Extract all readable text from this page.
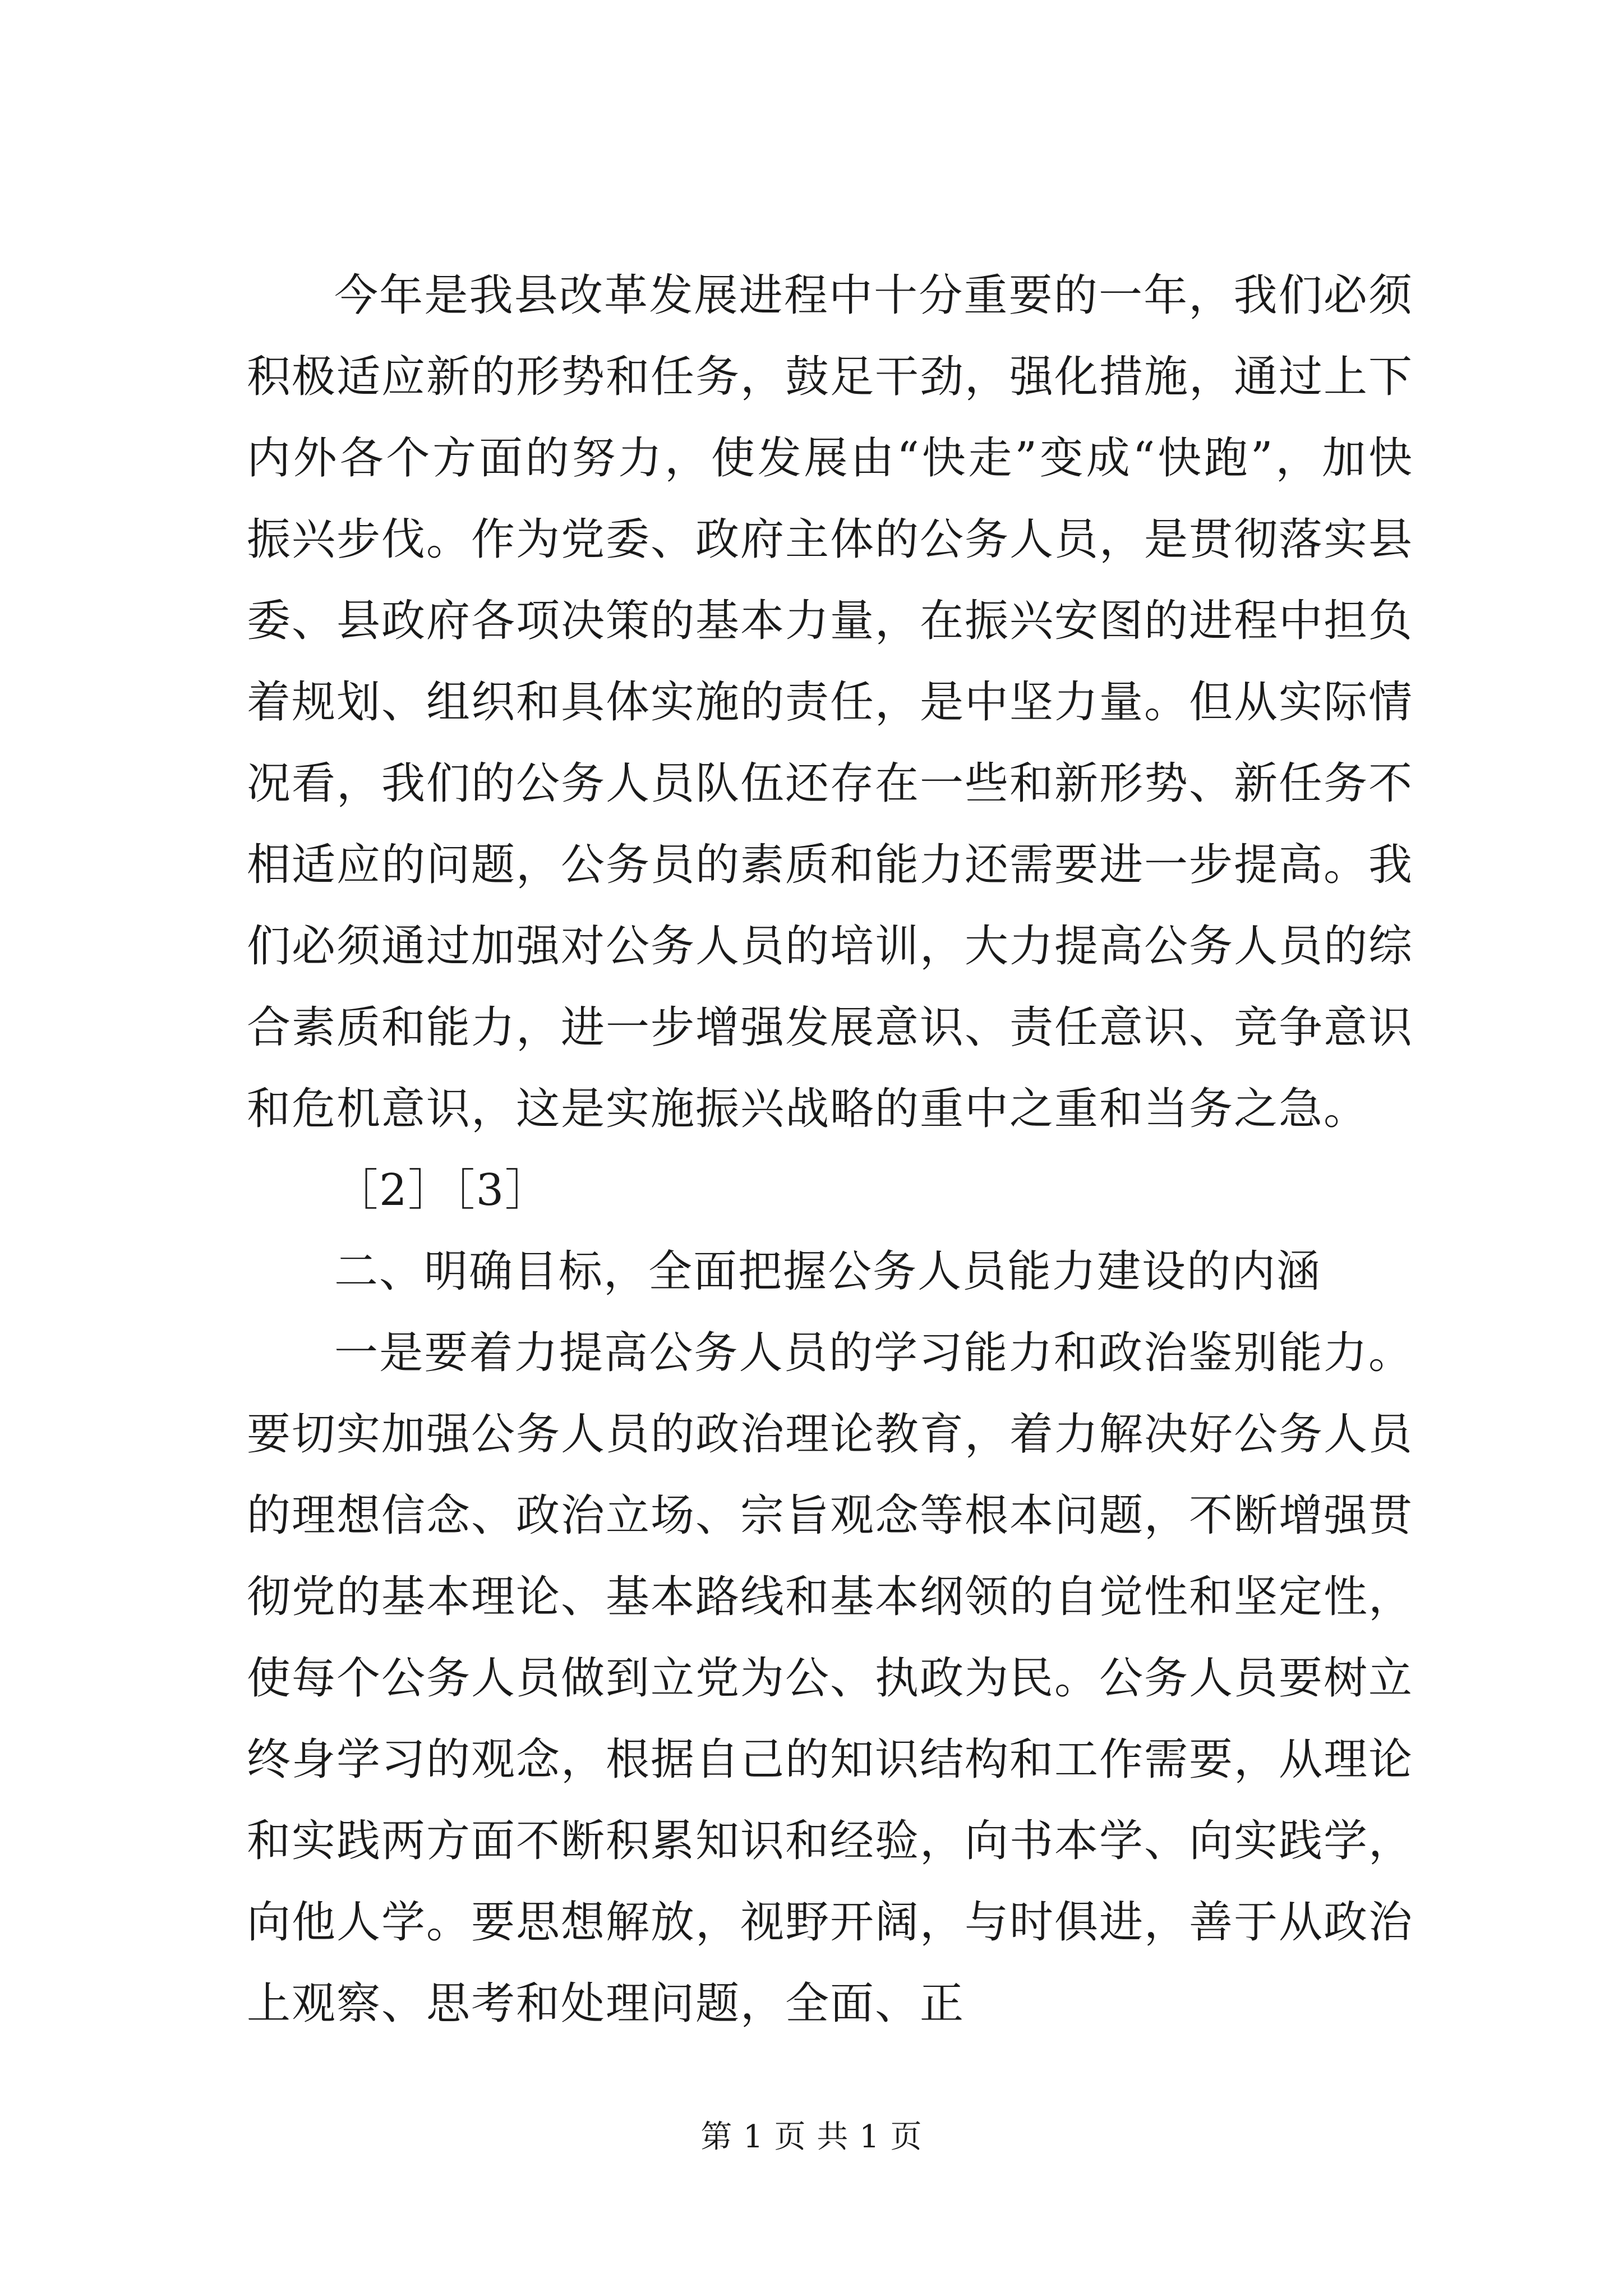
今年是我县改革发展进程中十分重要的一年，我们必须积极适应新的形势和任务，鼓足干劲，强化措施，通过上下内外各个方面的努力，使发展由“快走”变成“快跑”，加快振兴步伐。作为党委、政府主体的公务人员，是贯彻落实县委、县政府各项决策的基本力量，在振兴安图的进程中担负着规划、组织和具体实施的责任，是中坚力量。但从实际情况看，我们的公务人员队伍还存在一些和新形势、新任务不相适应的问题，公务员的素质和能力还需要进一步提高。我们必须通过加强对公务人员的培训，大力提高公务人员的综合素质和能力，进一步增强发展意识、责任意识、竞争意识和危机意识，这是实施振兴战略的重中之重和当务之急。

［2］［3］

二、明确目标，全面把握公务人员能力建设的内涵

一是要着力提高公务人员的学习能力和政治鉴别能力。要切实加强公务人员的政治理论教育，着力解决好公务人员的理想信念、政治立场、宗旨观念等根本问题，不断增强贯彻党的基本理论、基本路线和基本纲领的自觉性和坚定性，使每个公务人员做到立党为公、执政为民。公务人员要树立终身学习的观念，根据自己的知识结构和工作需要，从理论和实践两方面不断积累知识和经验，向书本学、向实践学，向他人学。要思想解放，视野开阔，与时俱进，善于从政治上观察、思考和处理问题，全面、正

第 1 页 共 1 页
